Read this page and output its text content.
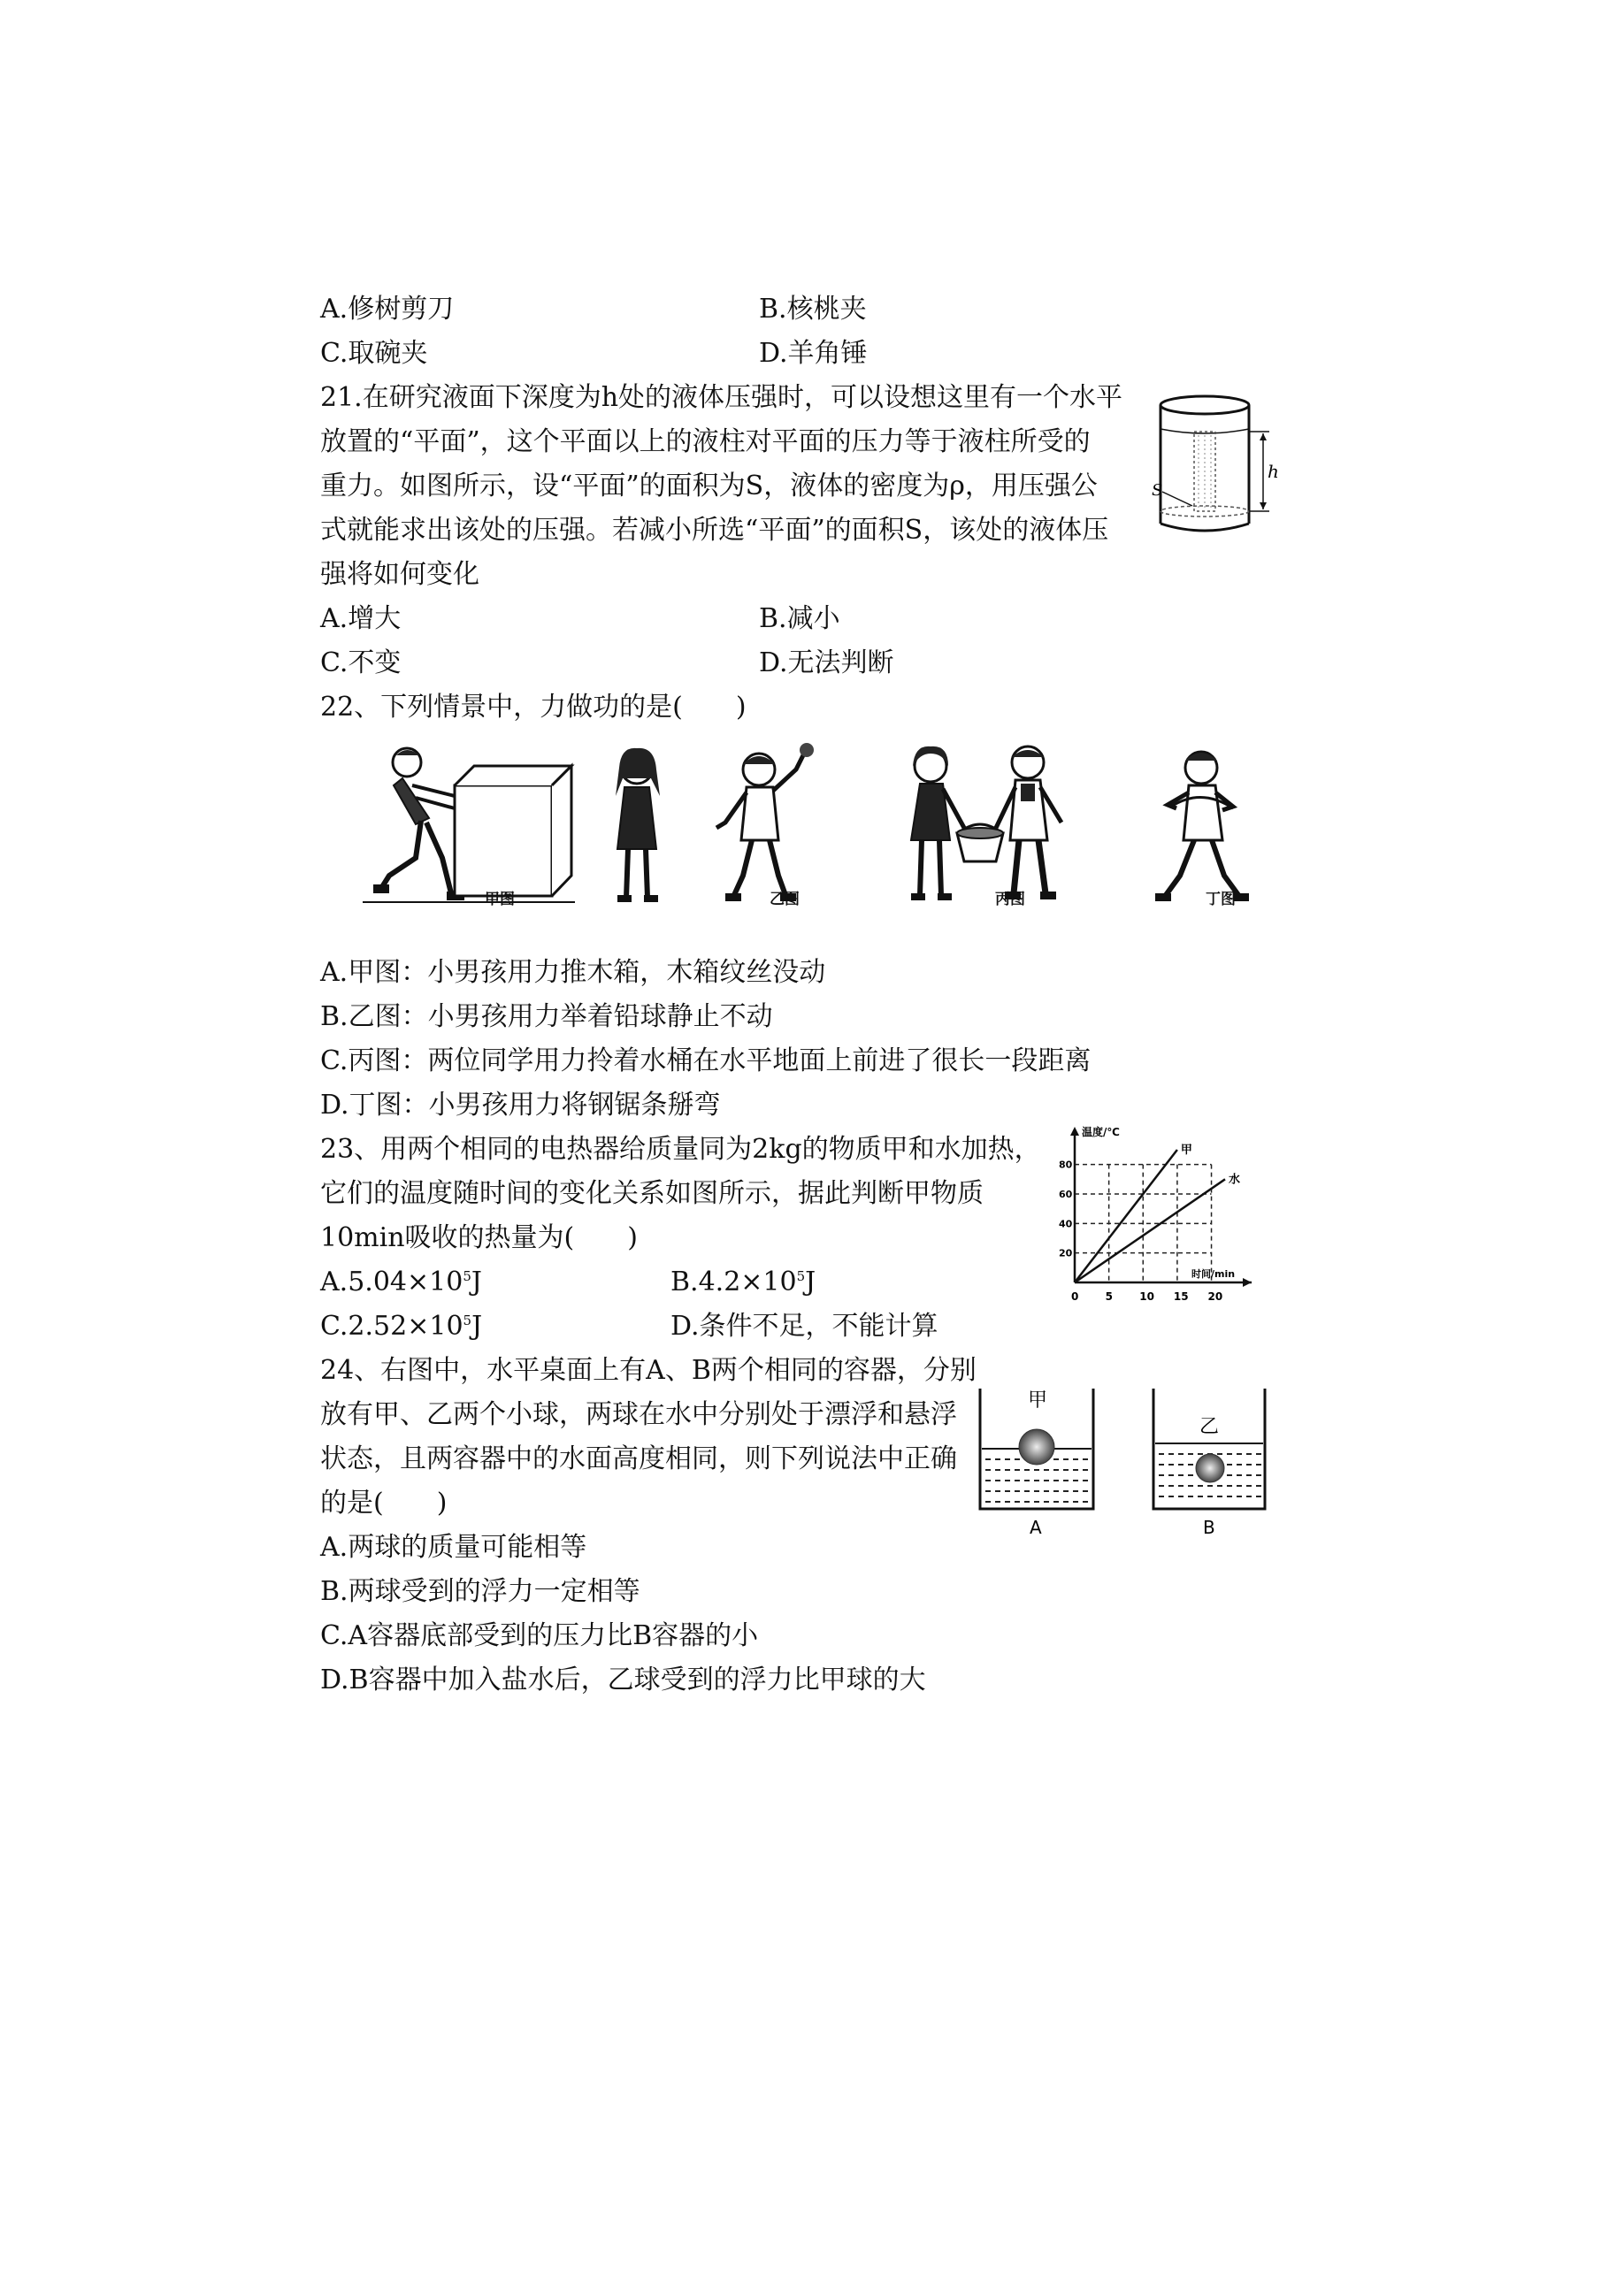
A.修树剪刀	B.核桃夹
C.取碗夹	D.羊角锤
21.在研究液面下深度为h处的液体压强时，可以设想这里有一个水平
放置的“平面”，这个平面以上的液柱对平面的压力等于液柱所受的
重力。如图所示，设“平面”的面积为S，液体的密度为ρ，用压强公
式就能求出该处的压强。若减小所选“平面”的面积S，该处的液体压
强将如何变化
A.增大	B.减小
C.不变	D.无法判断
h
S
22、下列情景中，力做功的是(　　)
甲图	乙图	丙图	丁图
A.甲图：小男孩用力推木箱，木箱纹丝没动
B.乙图：小男孩用力举着铅球静止不动
C.丙图：两位同学用力拎着水桶在水平地面上前进了很长一段距离
D.丁图：小男孩用力将钢锯条掰弯
23、用两个相同的电热器给质量同为2kg的物质甲和水加热，
它们的温度随时间的变化关系如图所示，据此判断甲物质
10min吸收的热量为(　　)
$A.5.04\times 10^5J$	$B.4.2\times 10^5J$
$C.2.52\times 10^5J$	D.条件不足，不能计算
0	5	10 15 20
20
40
60
80
温度/℃
时间/min
甲
水
24、右图中，水平桌面上有A、B两个相同的容器，分别
放有甲、乙两个小球，两球在水中分别处于漂浮和悬浮
状态，且两容器中的水面高度相同，则下列说法中正确
的是(　　)
A.两球的质量可能相等
B.两球受到的浮力一定相等
C.A容器底部受到的压力比B容器的小
D.B容器中加入盐水后，乙球受到的浮力比甲球的大
甲
A
乙
B
